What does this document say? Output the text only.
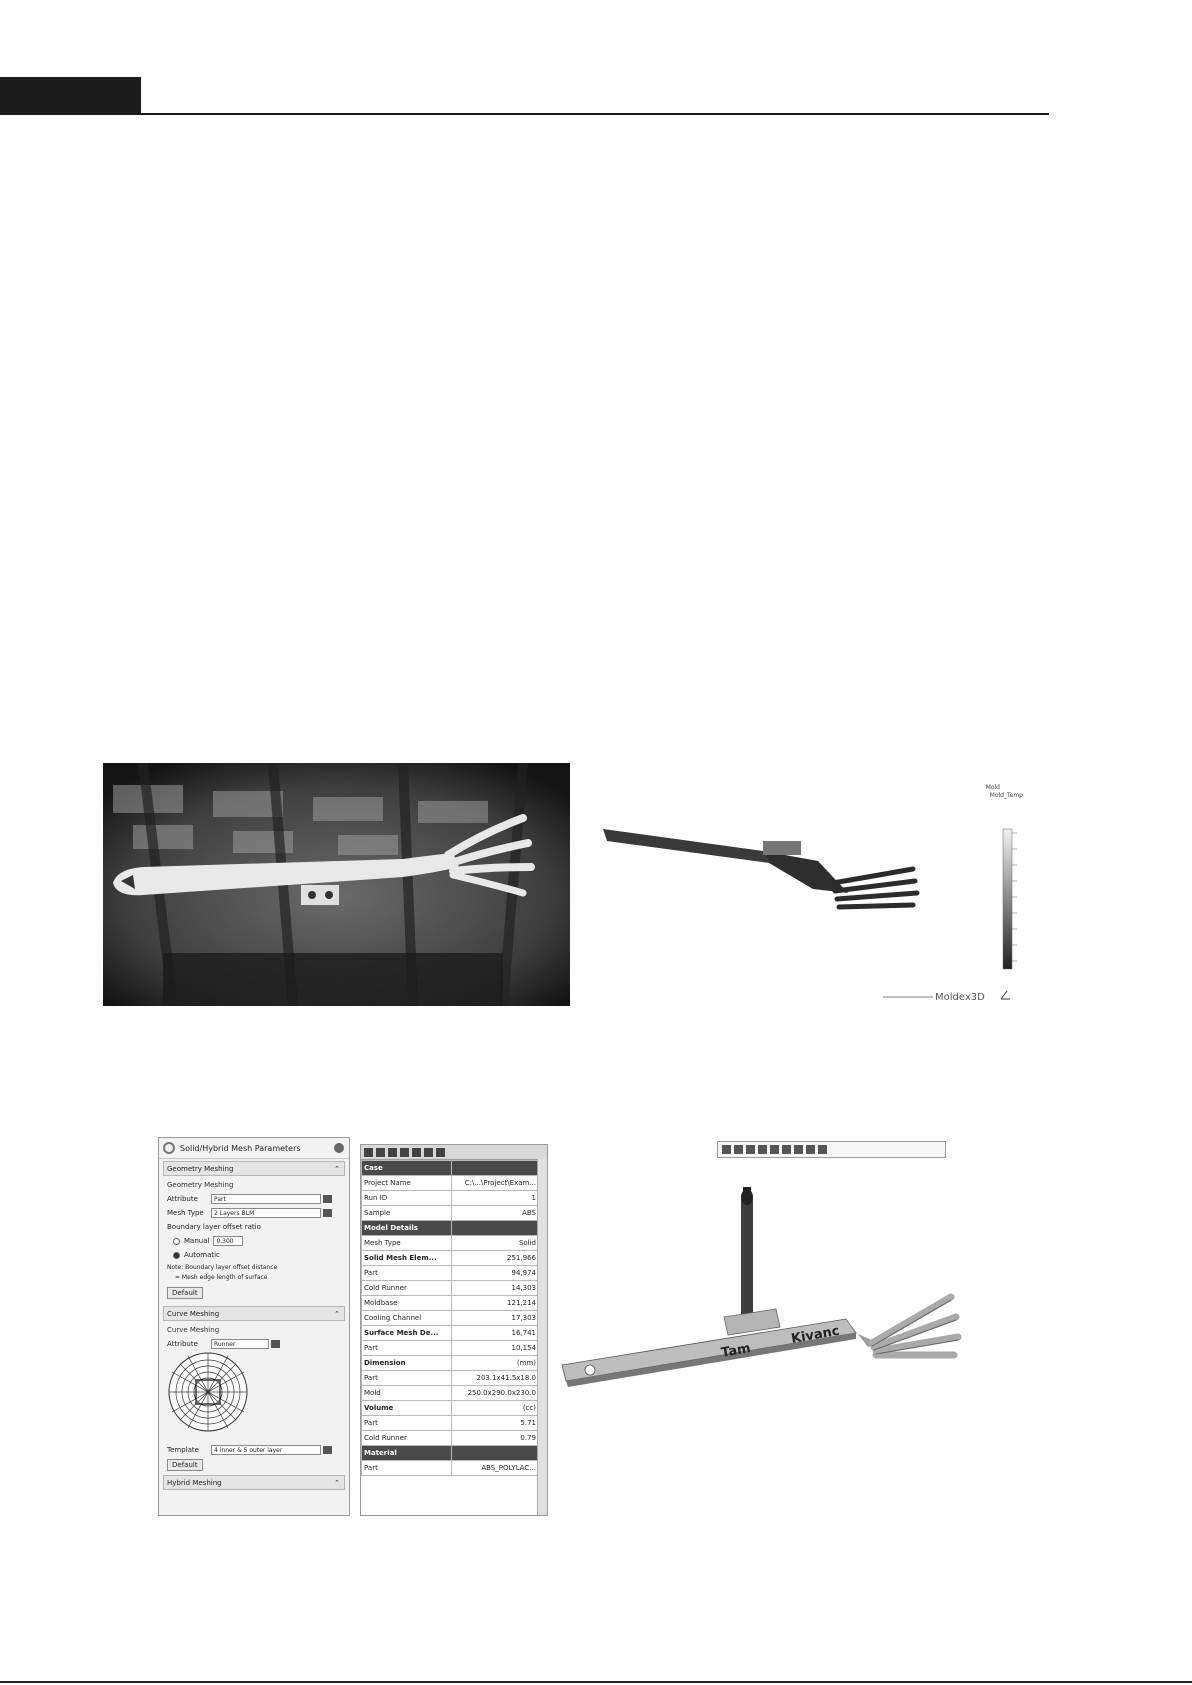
Mold
Mold_Temp
Moldex3D
Solid/Hybrid Mesh Parameters
Geometry Meshing	⌃
Geometry Meshing
Attribute	Part
Mesh Type	2 Layers BLM
Boundary layer offset ratio
Manual	0.300
Automatic
Note: Boundary layer offset distance
= Mesh edge length of surface
Default
Curve Meshing	⌃
Curve Meshing
Attribute	Runner
Template	4 inner & 5 outer layer
Default
Hybrid Meshing	⌃
Case	
Project Name	C:\...\Project\Exam...
Run ID	1
Sample	ABS
Model Details	
Mesh Type	Solid
Solid Mesh Elem...	251,966
Part	94,974
Cold Runner	14,303
Moldbase	121,214
Cooling Channel	17,303
Surface Mesh De...	16,741
Part	10,154
Dimension	(mm)
Part	203.1x41.5x18.0
Mold	250.0x290.0x230.0
Volume	(cc)
Part	5.71
Cold Runner	0.79
Material	
Part	ABS_POLYLAC...
Tam
Kivanc
